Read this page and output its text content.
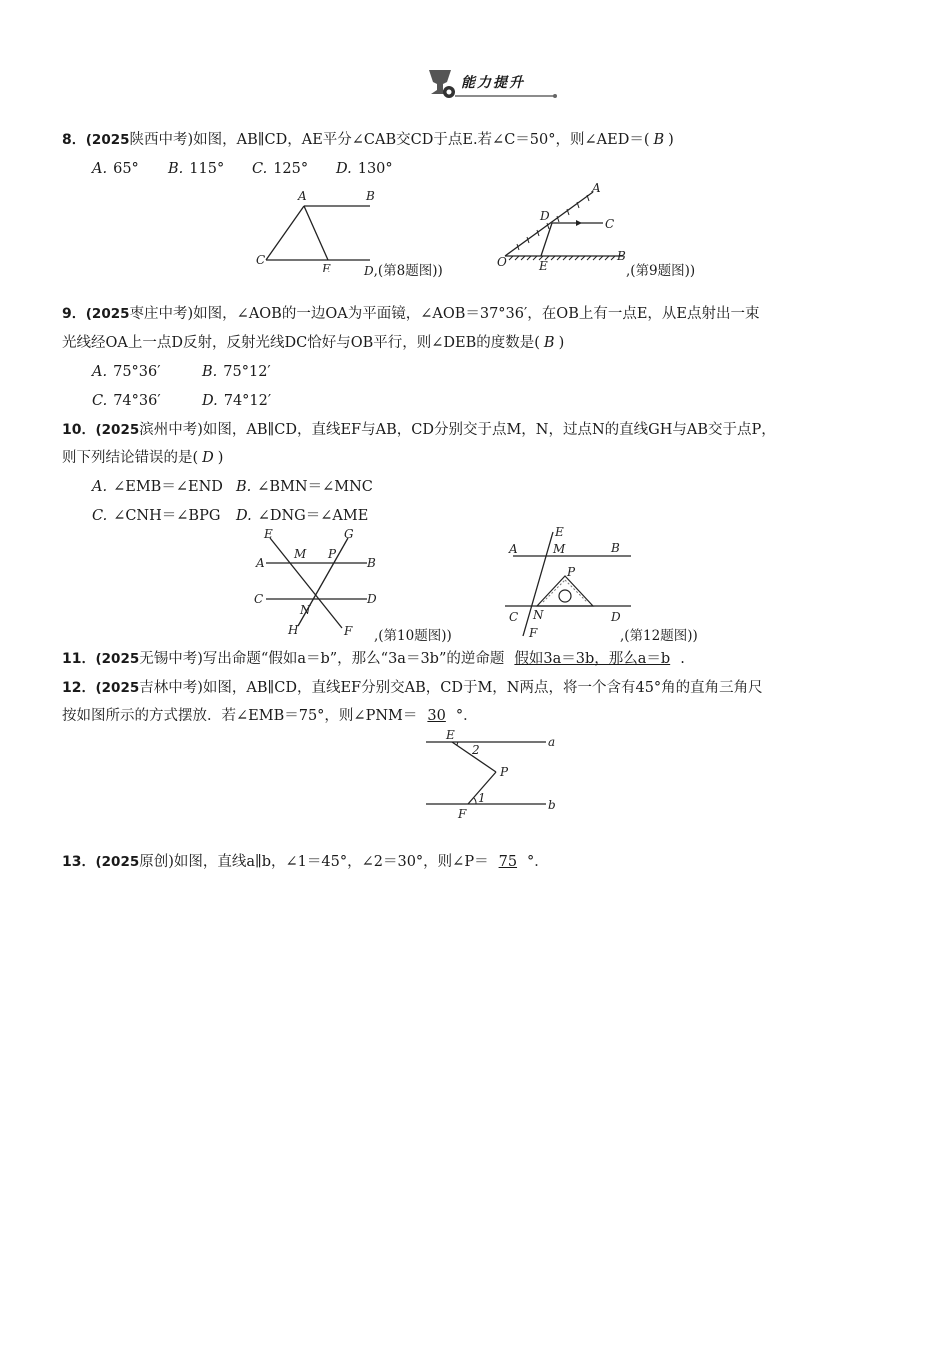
能力提升
8．(2025陕西中考)如图，AB∥CD，AE平分∠CAB交CD于点E.若∠C＝50°，则∠AED＝( B )
A. 65° B. 115° C. 125° D. 130°
A	B
C
E	D,(第8题图))
A
D
C
O	E
B
,(第9题图))
9．(2025枣庄中考)如图，∠AOB的一边OA为平面镜，∠AOB＝37°36′，在OB上有一点E，从E点射出一束
光线经OA上一点D反射，反射光线DC恰好与OB平行，则∠DEB的度数是( B )
A. 75°36′	B. 75°12′
C. 74°36′	D. 74°12′
10．(2025滨州中考)如图，AB∥CD，直线EF与AB，CD分别交于点M，N，过点N的直线GH与AB交于点P，
则下列结论错误的是( D )
A. ∠EMB＝∠END B. ∠BMN＝∠MNC
C. ∠CNH＝∠BPG D. ∠DNG＝∠AME
E
M P
G
A	B
C
N
D
H	F ,(第10题图))
A
E
M	B
P
C N	D
F	,(第12题图))
11．(2025无锡中考)写出命题“假如a＝b”，那么“3a＝3b”的逆命题 假如3a＝3b，那么a＝b .
12．(2025吉林中考)如图，AB∥CD，直线EF分别交AB，CD于M，N两点，将一个含有45°角的直角三角尺
按如图所示的方式摆放．若∠EMB＝75°，则∠PNM＝ 30 °．
E
2
a
P
1
F
b
13．(2025原创)如图，直线a∥b，∠1＝45°，∠2＝30°，则∠P＝ 75 °．
